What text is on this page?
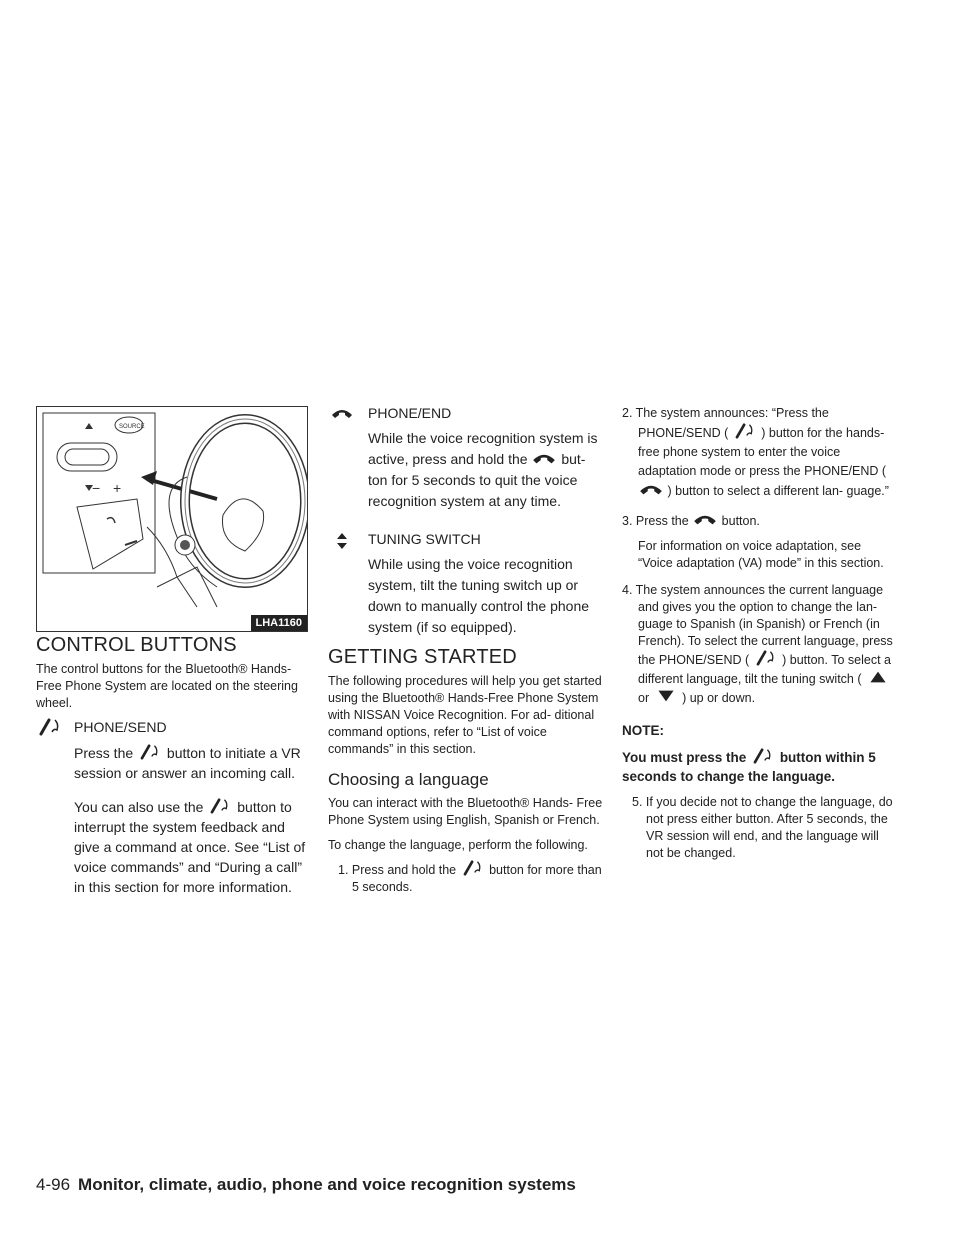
SOURCE
− +
LHA1160
CONTROL BUTTONS

The control buttons for the Bluetooth® Hands-Free Phone System are located on the steering wheel.

PHONE/SEND

Press the button to initiate a VR session or answer an incoming call.

You can also use the button to interrupt the system feedback and give a command at once. See “List of voice commands” and “During a call” in this section for more information.

PHONE/END

While the voice recognition system is active, press and hold the but- ton for 5 seconds to quit the voice recognition system at any time.

TUNING SWITCH

While using the voice recognition system, tilt the tuning switch up or down to manually control the phone system (if so equipped).

GETTING STARTED

The following procedures will help you get started using the Bluetooth® Hands-Free Phone System with NISSAN Voice Recognition. For ad- ditional command options, refer to “List of voice commands” in this section.

Choosing a language

You can interact with the Bluetooth® Hands- Free Phone System using English, Spanish or French.

To change the language, perform the following.

1. Press and hold the	button for more than 5 seconds.

2. The system announces: “Press the PHONE/SEND (	) button for the hands-free phone system to enter the voice adaptation mode or press the PHONE/END (  ) button to select a different lan- guage.”

3. Press the	button.

For information on voice adaptation, see “Voice adaptation (VA) mode” in this section.

4. The system announces the current language and gives you the option to change the lan- guage to Spanish (in Spanish) or French (in French). To select the current language, press the PHONE/SEND (	) button. To select a different language, tilt the tuning switch (  or	) up or down.

NOTE:

You must press the button within 5 seconds to change the language.

5. If you decide not to change the language, do not press either button. After 5 seconds, the VR session will end, and the language will not be changed.

4-96 Monitor, climate, audio, phone and voice recognition systems
